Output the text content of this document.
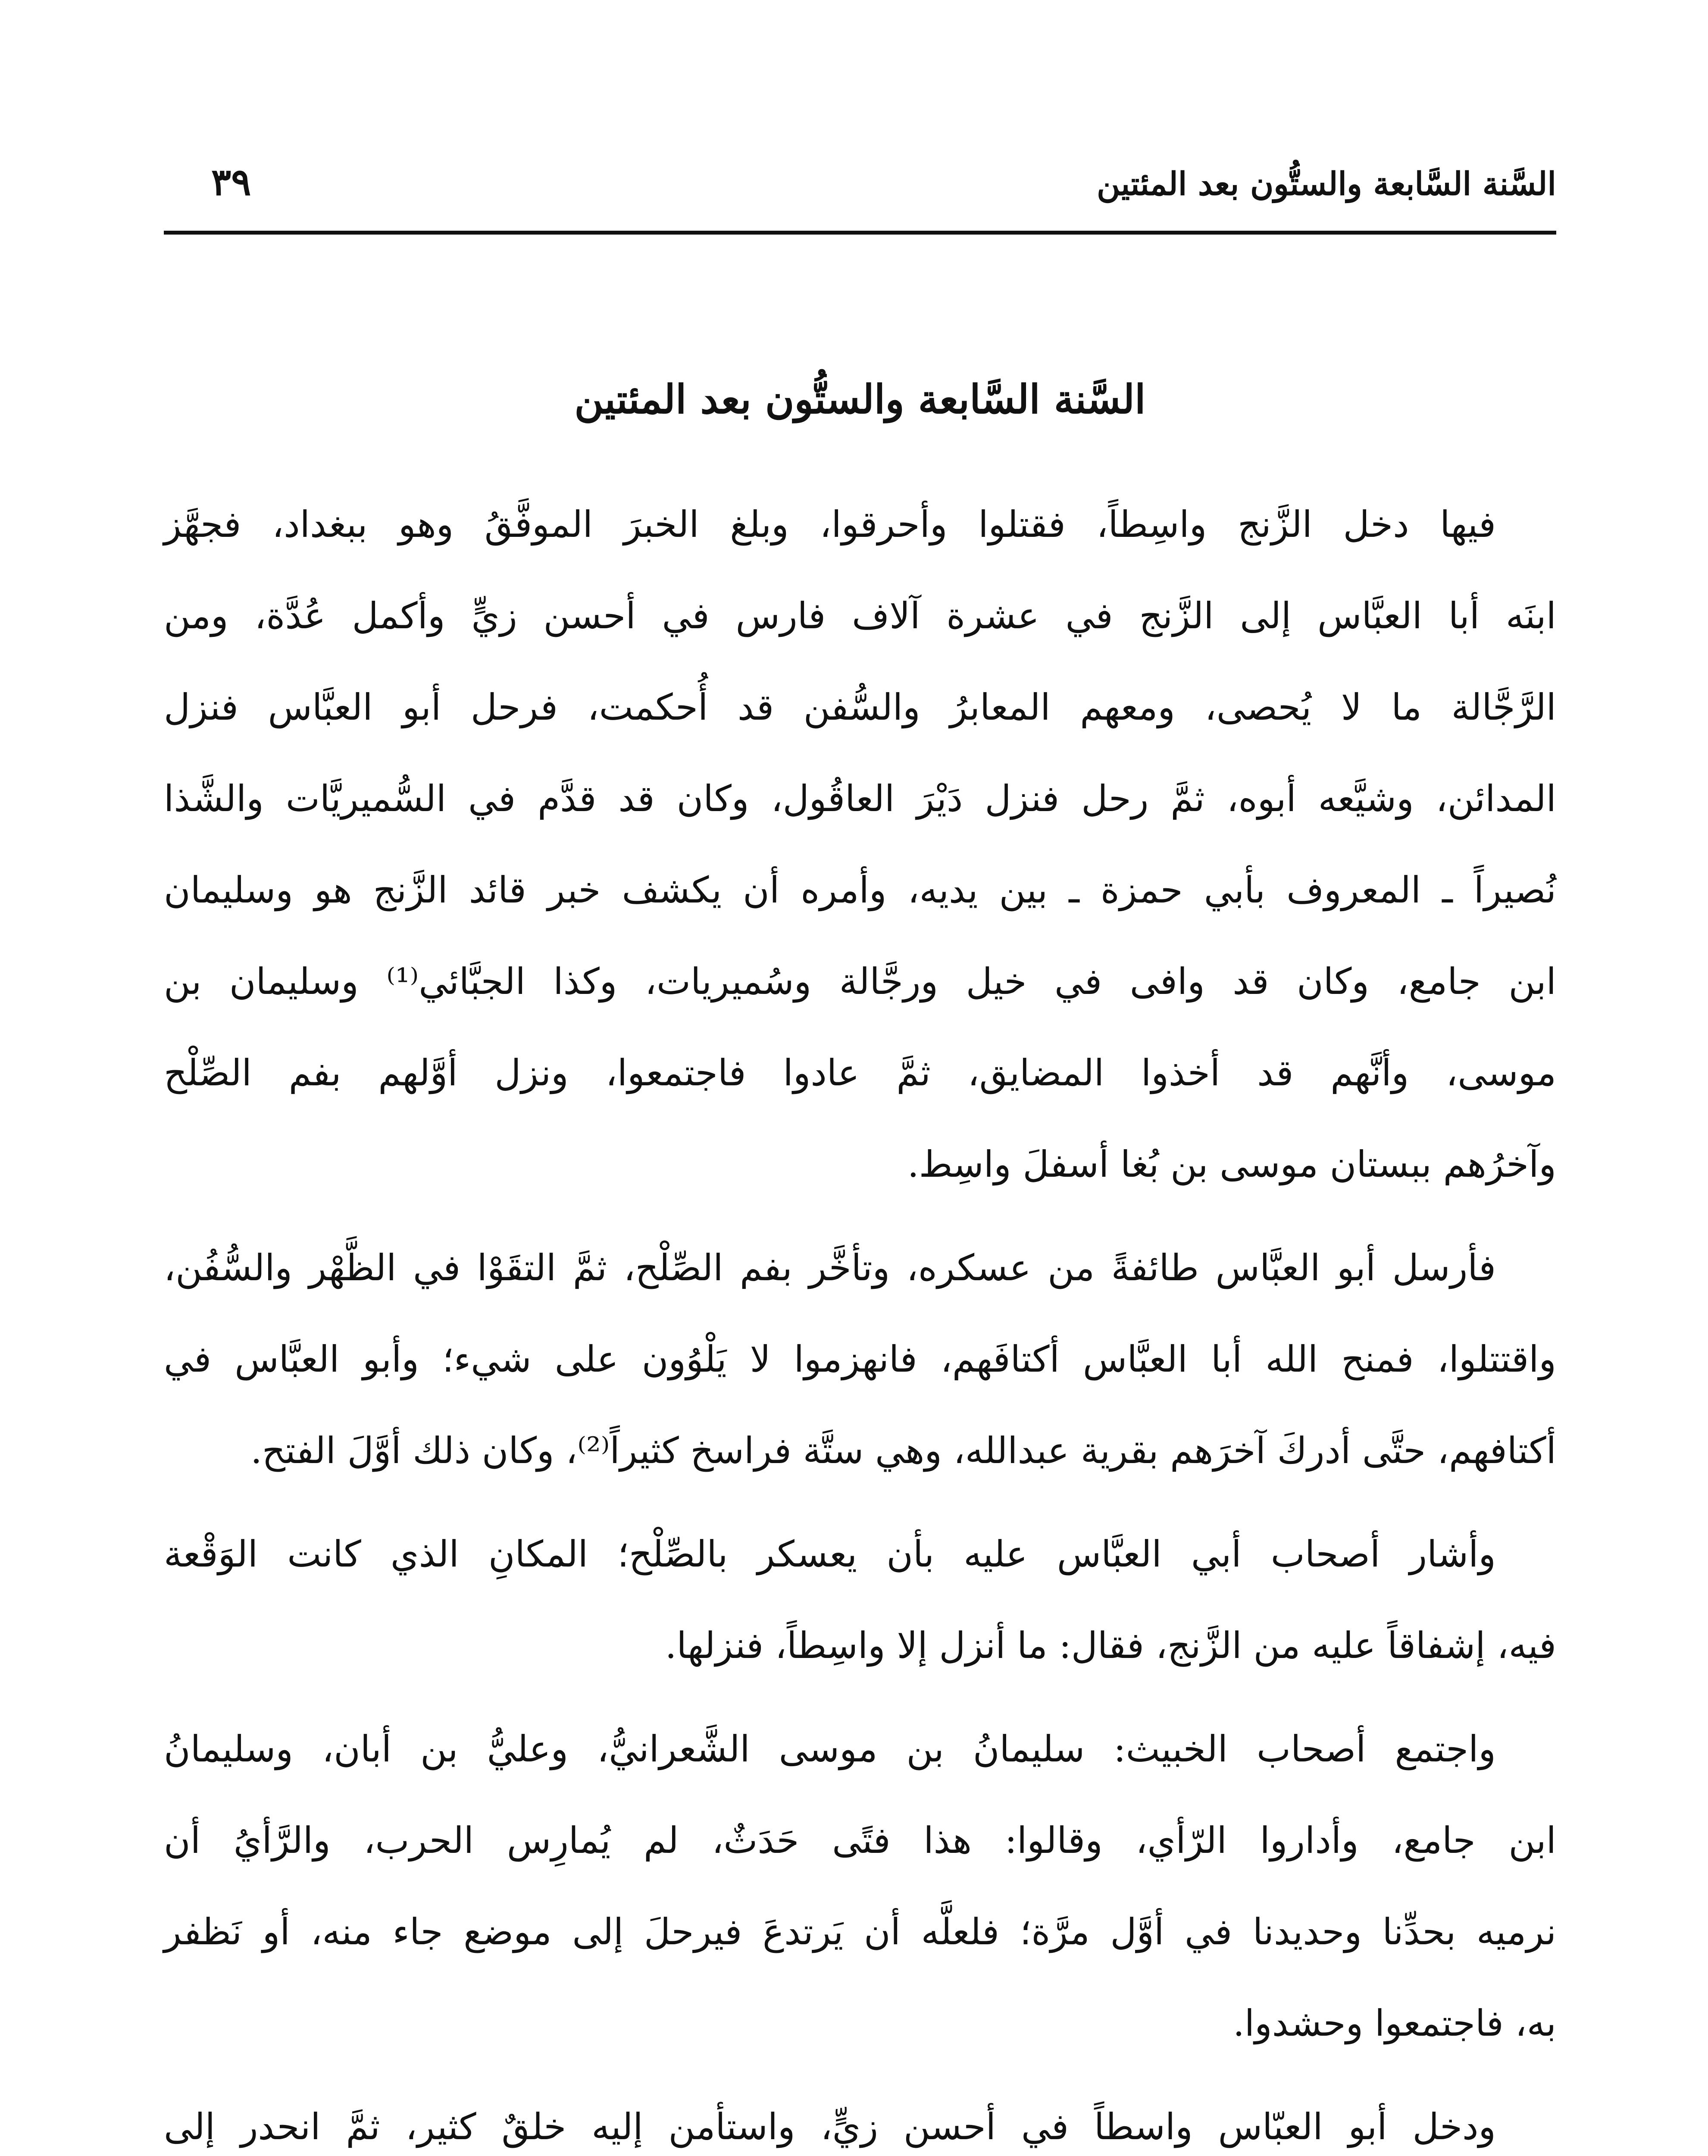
السَّنة السَّابعة والستُّون بعد المئتين
٣٩
السَّنة السَّابعة والستُّون بعد المئتين
فيها دخل الزَّنج واسِطاً، فقتلوا وأحرقوا، وبلغ الخبرَ الموفَّقُ وهو ببغداد، فجهَّز
ابنَه أبا العبَّاس إلى الزَّنج في عشرة آلاف فارس في أحسن زيٍّ وأكمل عُدَّة، ومن
الرَّجَّالة ما لا يُحصى، ومعهم المعابرُ والسُّفن قد أُحكمت، فرحل أبو العبَّاس فنزل
المدائن، وشيَّعه أبوه، ثمَّ رحل فنزل دَيْرَ العاقُول، وكان قد قدَّم في السُّميريَّات والشَّذا
نُصيراً ـ المعروف بأبي حمزة ـ بين يديه، وأمره أن يكشف خبر قائد الزَّنج هو وسليمان
ابن جامع، وكان قد وافى في خيل ورجَّالة وسُميريات، وكذا الجبَّائي⁽¹⁾ وسليمان بن
موسى، وأنَّهم قد أخذوا المضايق، ثمَّ عادوا فاجتمعوا، ونزل أوَّلهم بفم الصِّلْح
وآخرُهم ببستان موسى بن بُغا أسفلَ واسِط.
فأرسل أبو العبَّاس طائفةً من عسكره، وتأخَّر بفم الصِّلْح، ثمَّ التقَوْا في الظَّهْر والسُّفُن،
واقتتلوا، فمنح الله أبا العبَّاس أكتافَهم، فانهزموا لا يَلْوُون على شيء؛ وأبو العبَّاس في
أكتافهم، حتَّى أدركَ آخرَهم بقرية عبدالله، وهي ستَّة فراسخ كثيراً⁽²⁾، وكان ذلك أوَّلَ الفتح.
وأشار أصحاب أبي العبَّاس عليه بأن يعسكر بالصِّلْح؛ المكانِ الذي كانت الوَقْعة
فيه، إشفاقاً عليه من الزَّنج، فقال: ما أنزل إلا واسِطاً، فنزلها.
واجتمع أصحاب الخبيث: سليمانُ بن موسى الشَّعرانيُّ، وعليُّ بن أبان، وسليمانُ
ابن جامع، وأداروا الرّأي، وقالوا: هذا فتًى حَدَثٌ، لم يُمارِس الحرب، والرَّأيُ أن
نرميه بحدِّنا وحديدنا في أوَّل مرَّة؛ فلعلَّه أن يَرتدعَ فيرحلَ إلى موضع جاء منه، أو نَظفر
به، فاجتمعوا وحشدوا.
ودخل أبو العبّاس واسطاً في أحسن زيٍّ، واستأمن إليه خلقٌ كثير، ثمَّ انحدر إلى
